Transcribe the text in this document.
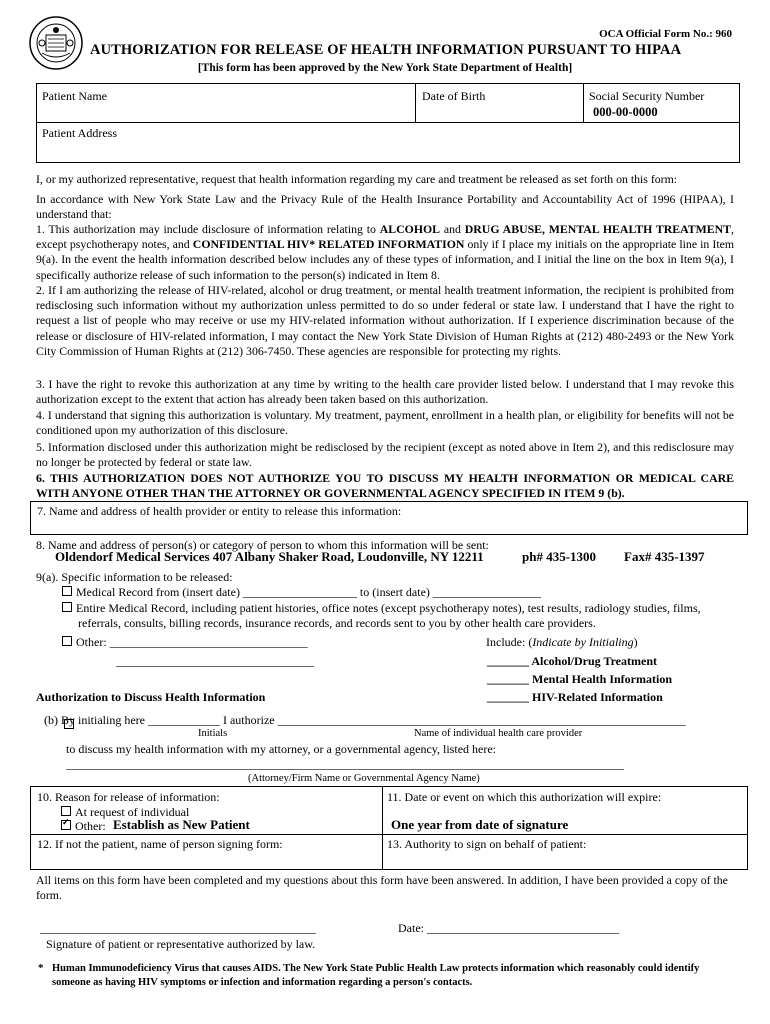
OCA Official Form No.: 960
AUTHORIZATION FOR RELEASE OF HEALTH INFORMATION PURSUANT TO HIPAA
[This form has been approved by the New York State Department of Health]
Patient Name	Date of Birth	Social Security Number
000-00-0000
Patient Address
I, or my authorized representative, request that health information regarding my care and treatment be released as set forth on this form:
In accordance with New York State Law and the Privacy Rule of the Health Insurance Portability and Accountability Act of 1996 (HIPAA), I understand that:
1. This authorization may include disclosure of information relating to ALCOHOL and DRUG ABUSE, MENTAL HEALTH TREATMENT, except psychotherapy notes, and CONFIDENTIAL HIV* RELATED INFORMATION only if I place my initials on the appropriate line in Item 9(a). In the event the health information described below includes any of these types of information, and I initial the line on the box in Item 9(a), I specifically authorize release of such information to the person(s) indicated in Item 8.
2. If I am authorizing the release of HIV-related, alcohol or drug treatment, or mental health treatment information, the recipient is prohibited from redisclosing such information without my authorization unless permitted to do so under federal or state law. I understand that I have the right to request a list of people who may receive or use my HIV-related information without authorization. If I experience discrimination because of the release or disclosure of HIV-related information, I may contact the New York State Division of Human Rights at (212) 480-2493 or the New York City Commission of Human Rights at (212) 306-7450. These agencies are responsible for protecting my rights.
3. I have the right to revoke this authorization at any time by writing to the health care provider listed below. I understand that I may revoke this authorization except to the extent that action has already been taken based on this authorization.
4. I understand that signing this authorization is voluntary. My treatment, payment, enrollment in a health plan, or eligibility for benefits will not be conditioned upon my authorization of this disclosure.
5. Information disclosed under this authorization might be redisclosed by the recipient (except as noted above in Item 2), and this redisclosure may no longer be protected by federal or state law.
6. THIS AUTHORIZATION DOES NOT AUTHORIZE YOU TO DISCUSS MY HEALTH INFORMATION OR MEDICAL CARE WITH ANYONE OTHER THAN THE ATTORNEY OR GOVERNMENTAL AGENCY SPECIFIED IN ITEM 9 (b).
7. Name and address of health provider or entity to release this information:
8. Name and address of person(s) or category of person to whom this information will be sent:
Oldendorf Medical Services 407 Albany Shaker Road, Loudonville, NY 12211	ph# 435-1300 Fax# 435-1397
9(a). Specific information to be released:
Medical Record from (insert date) ___________________ to (insert date) __________________
Entire Medical Record, including patient histories, office notes (except psychotherapy notes), test results, radiology studies, films,
referrals, consults, billing records, insurance records, and records sent to you by other health care providers.
Other: _________________________________	Include: (Indicate by Initialing)
_________________________________	_______ Alcohol/Drug Treatment
_______ Mental Health Information
_______ HIV-Related Information
Authorization to Discuss Health Information
(b) By initialing here ____________ I authorize ____________________________________________________________________
Initials	Name of individual health care provider
to discuss my health information with my attorney, or a governmental agency, listed here:
_____________________________________________________________________________________________
(Attorney/Firm Name or Governmental Agency Name)
10. Reason for release of information:
At request of individual
✓Other: Establish as New Patient
11. Date or event on which this authorization will expire:
One year from date of signature
12. If not the patient, name of person signing form:	13. Authority to sign on behalf of patient:
All items on this form have been completed and my questions about this form have been answered. In addition, I have been provided a copy of the form.
______________________________________________	Date: ________________________________
Signature of patient or representative authorized by law.
* Human Immunodeficiency Virus that causes AIDS. The New York State Public Health Law protects information which reasonably could identify someone as having HIV symptoms or infection and information regarding a person's contacts.
